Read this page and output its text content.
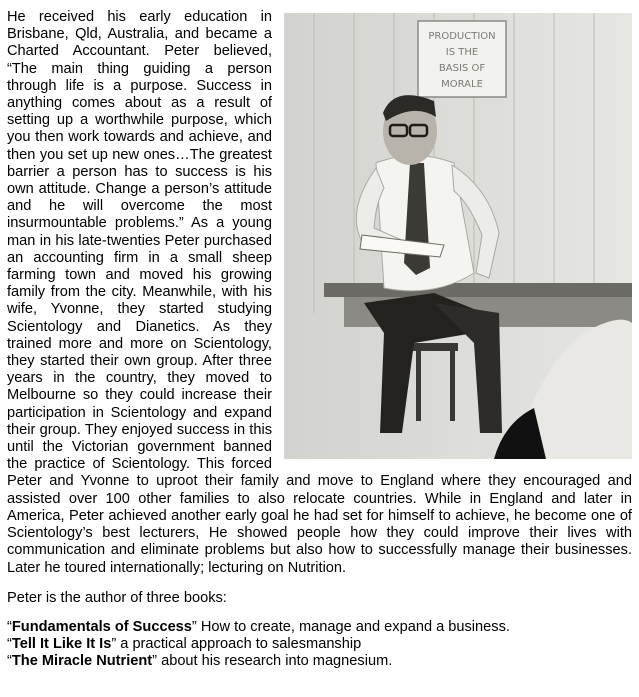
PRODUCTION
IS THE
BASIS OF
MORALE
He received his early education in Brisbane, Qld, Australia, and became a Charted Accountant. Peter believed, “The main thing guiding a person through life is a purpose. Success in anything comes about as a result of setting up a worthwhile purpose, which you then work towards and achieve, and then you set up new ones…The greatest barrier a person has to success is his own attitude. Change a person’s attitude and he will overcome the most insurmountable problems.” As a young man in his late-twenties Peter purchased an accounting firm in a small sheep farming town and moved his growing family from the city. Meanwhile, with his wife, Yvonne, they started studying Scientology and Dianetics. As they trained more and more on Scientology, they started their own group. After three years in the country, they moved to Melbourne so they could increase their participation in Scientology and expand their group. They enjoyed success in this until the Victorian government banned the practice of Scientology. This forced Peter and Yvonne to uproot their family and move to England where they encouraged and assisted over 100 other families to also relocate countries. While in England and later in America, Peter achieved another early goal he had set for himself to achieve, he become one of Scientology’s best lecturers, He showed people how they could improve their lives with communication and eliminate problems but also how to successfully manage their businesses. Later he toured internationally; lecturing on Nutrition.

Peter is the author of three books:

“Fundamentals of Success” How to create, manage and expand a business.

“Tell It Like It Is” a practical approach to salesmanship

“The Miracle Nutrient” about his research into magnesium.
